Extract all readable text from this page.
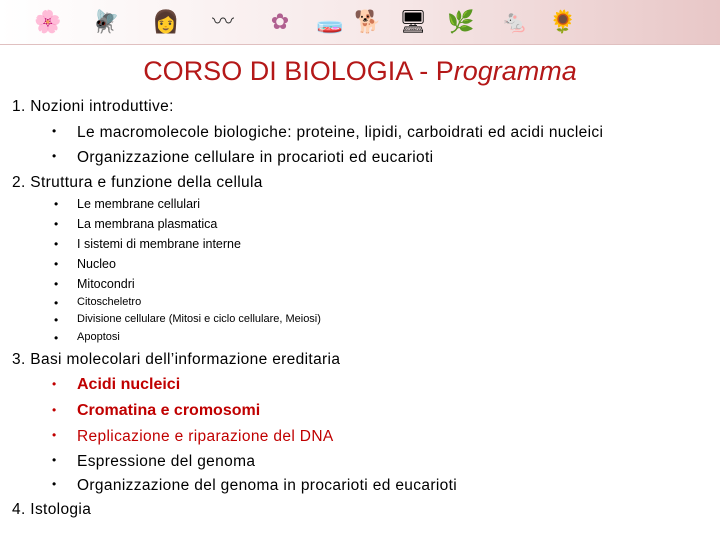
🌸 🪰 👩	〰	✿	🧫 🐕 🖥 🌿 🐁 🌻
CORSO DI BIOLOGIA - Programma
1. Nozioni introduttive:
• Le macromolecole biologiche: proteine, lipidi, carboidrati ed acidi nucleici
• Organizzazione cellulare in procarioti ed eucarioti
2. Struttura e funzione della cellula
• Le membrane cellulari
• La membrana plasmatica
• I sistemi di membrane interne
• Nucleo
• Mitocondri
• Citoscheletro
• Divisione cellulare (Mitosi e ciclo cellulare, Meiosi)
• Apoptosi
3. Basi molecolari dell’informazione ereditaria
• Acidi nucleici
• Cromatina e cromosomi
• Replicazione e riparazione del DNA
• Espressione del genoma
• Organizzazione del genoma in procarioti ed eucarioti
4. Istologia
